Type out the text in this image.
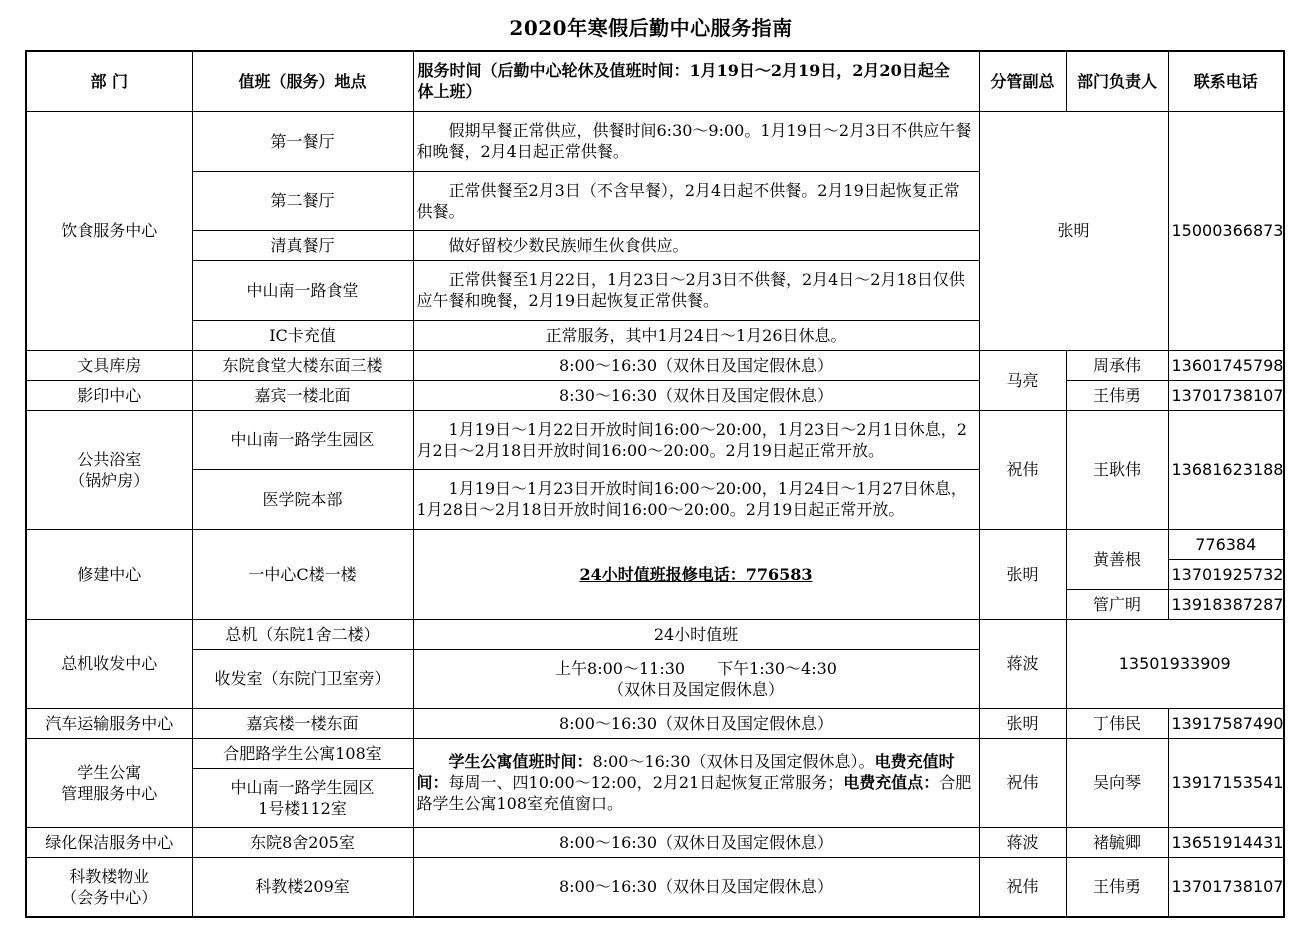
2020年寒假后勤中心服务指南
部 门	值班（服务）地点	服务时间（后勤中心轮休及值班时间：1月19日～2月19日，2月20日起全体上班）	分管副总	部门负责人	联系电话
饮食服务中心	第一餐厅	假期早餐正常供应，供餐时间6:30～9:00。1月19日～2月3日不供应午餐和晚餐，2月4日起正常供餐。	张明		15000366873
	第二餐厅	正常供餐至2月3日（不含早餐），2月4日起不供餐。2月19日起恢复正常供餐。			
	清真餐厅	做好留校少数民族师生伙食供应。			
	中山南一路食堂	正常供餐至1月22日，1月23日～2月3日不供餐，2月4日～2月18日仅供应午餐和晚餐，2月19日起恢复正常供餐。			
	IC卡充值	正常服务，其中1月24日～1月26日休息。			
文具库房	东院食堂大楼东面三楼	8:00～16:30（双休日及国定假休息）	马亮	周承伟	13601745798
影印中心	嘉宾一楼北面	8:30～16:30（双休日及国定假休息）		王伟勇	13701738107

公共浴室
（锅炉房）	中山南一路学生园区	1月19日～1月22日开放时间16:00～20:00，1月23日～2月1日休息，2月2日～2月18日开放时间16:00～20:00。2月19日起正常开放。	祝伟	王耿伟	13681623188
	医学院本部	1月19日～1月23日开放时间16:00～20:00，1月24日～1月27日休息，1月28日～2月18日开放时间16:00～20:00。2月19日起正常开放。			
修建中心	一中心C楼一楼	24小时值班报修电话：776583	张明	黄善根	776384
					13701925732
				管广明	13918387287
总机收发中心	总机（东院1舍二楼）	24小时值班	蒋波	13501933909	
	收发室（东院门卫室旁）	上午8:00～11:30　　下午1:30～4:30
（双休日及国定假休息）			

汽车运输服务中心	嘉宾楼一楼东面	8:00～16:30（双休日及国定假休息）	张明	丁伟民	13917587490

学生公寓
管理服务中心	合肥路学生公寓108室	学生公寓值班时间：8:00～16:30（双休日及国定假休息）。电费充值时间：每周一、四10:00～12:00，2月21日起恢复正常服务；电费充值点：合肥路学生公寓108室充值窗口。	祝伟	吴向琴	13917153541

	中山南一路学生园区
1号楼112室				

绿化保洁服务中心	东院8舍205室	8:00～16:30（双休日及国定假休息）	蒋波	褚毓卿	13651914431

科教楼物业
（会务中心）	科教楼209室	8:00～16:30（双休日及国定假休息）	祝伟	王伟勇	13701738107
